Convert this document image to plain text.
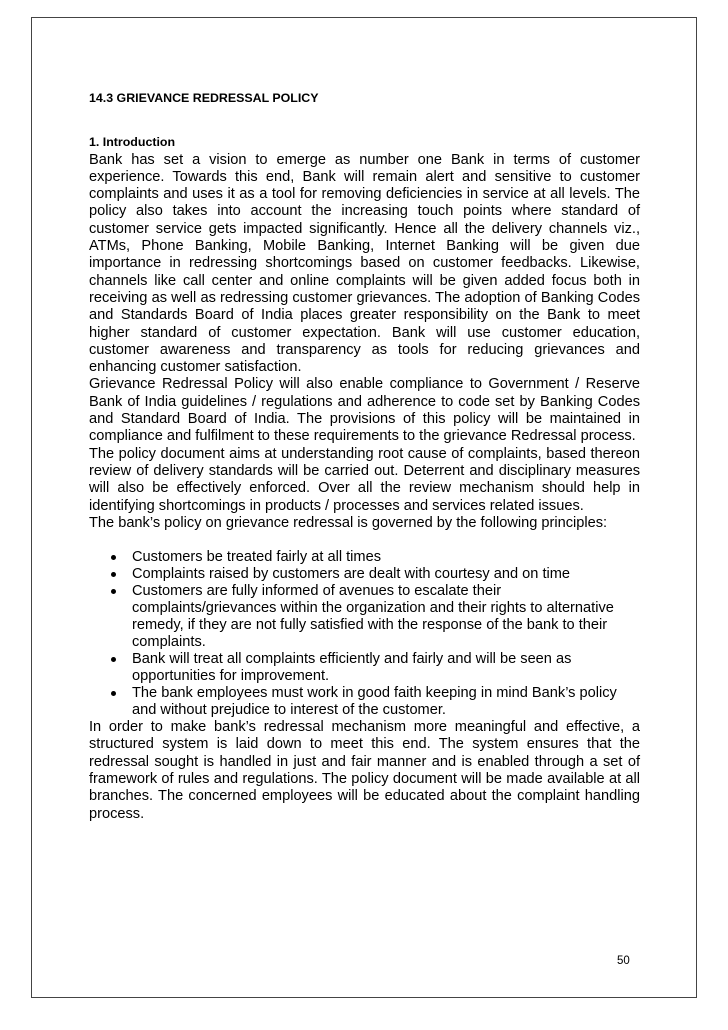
14.3 GRIEVANCE REDRESSAL POLICY
1. Introduction

Bank has set a vision to emerge as number one Bank in terms of customer experience. Towards this end, Bank will remain alert and sensitive to customer complaints and uses it as a tool for removing deficiencies in service at all levels. The policy also takes into account the increasing touch points where standard of customer service gets impacted significantly. Hence all the delivery channels viz., ATMs, Phone Banking, Mobile Banking, Internet Banking will be given due importance in redressing shortcomings based on customer feedbacks. Likewise, channels like call center and online complaints will be given added focus both in receiving as well as redressing customer grievances. The adoption of Banking Codes and Standards Board of India places greater responsibility on the Bank to meet higher standard of customer expectation. Bank will use customer education, customer awareness and transparency as tools for reducing grievances and enhancing customer satisfaction.

Grievance Redressal Policy will also enable compliance to Government / Reserve Bank of India guidelines / regulations and adherence to code set by Banking Codes and Standard Board of India. The provisions of this policy will be maintained in compliance and fulfilment to these requirements to the grievance Redressal process.

The policy document aims at understanding root cause of complaints, based thereon review of delivery standards will be carried out. Deterrent and disciplinary measures will also be effectively enforced. Over all the review mechanism should help in identifying shortcomings in products / processes and services related issues.

The bank’s policy on grievance redressal is governed by the following principles:

Customers be treated fairly at all times
Complaints raised by customers are dealt with courtesy and on time
Customers are fully informed of avenues to escalate their complaints/grievances within the organization and their rights to alternative remedy, if they are not fully satisfied with the response of the bank to their complaints.
Bank will treat all complaints efficiently and fairly and will be seen as opportunities for improvement.
The bank employees must work in good faith keeping in mind Bank’s policy and without prejudice to interest of the customer.

In order to make bank’s redressal mechanism more meaningful and effective, a structured system is laid down to meet this end. The system ensures that the redressal sought is handled in just and fair manner and is enabled through a set of framework of rules and regulations. The policy document will be made available at all branches. The concerned employees will be educated about the complaint handling process.

50
